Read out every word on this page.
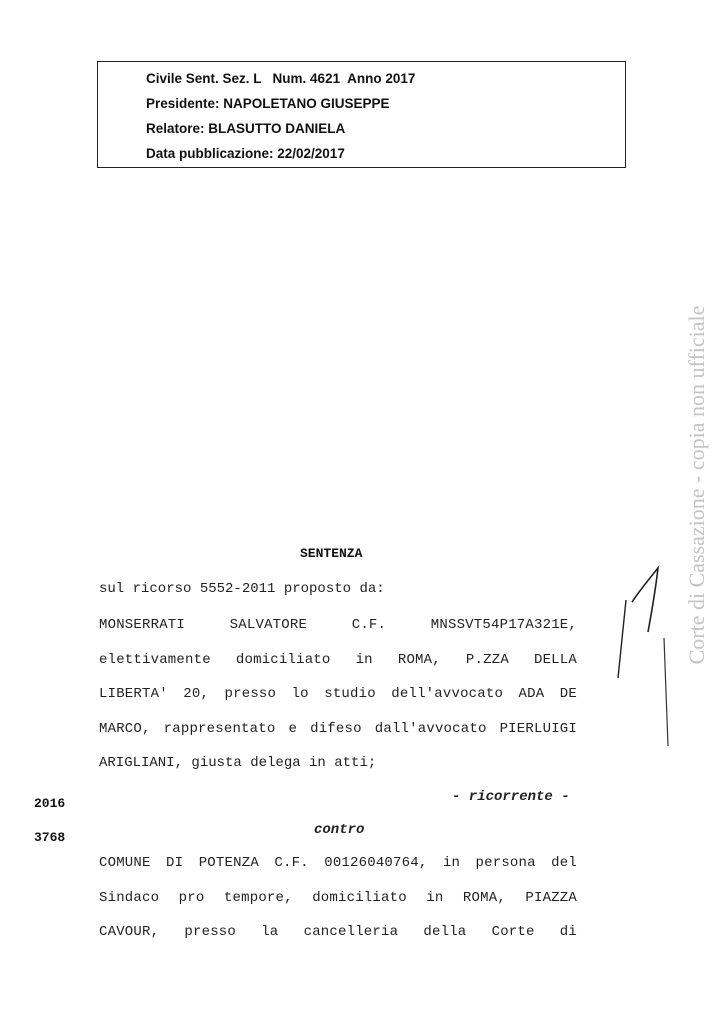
Civile Sent. Sez. L   Num. 4621  Anno 2017
Presidente: NAPOLETANO GIUSEPPE
Relatore: BLASUTTO DANIELA
Data pubblicazione: 22/02/2017
Corte di Cassazione - copia non ufficiale
SENTENZA
sul ricorso 5552-2011 proposto da:
MONSERRATI SALVATORE C.F. MNSSVT54P17A321E,
elettivamente domiciliato in ROMA, P.ZZA DELLA
LIBERTA' 20, presso lo studio dell'avvocato ADA DE
MARCO, rappresentato e difeso dall'avvocato PIERLUIGI
ARIGLIANI, giusta delega in atti;
- ricorrente -
contro
COMUNE DI POTENZA C.F. 00126040764, in persona del
Sindaco pro tempore, domiciliato in ROMA, PIAZZA
CAVOUR, presso la cancelleria della Corte di
2016
3768
